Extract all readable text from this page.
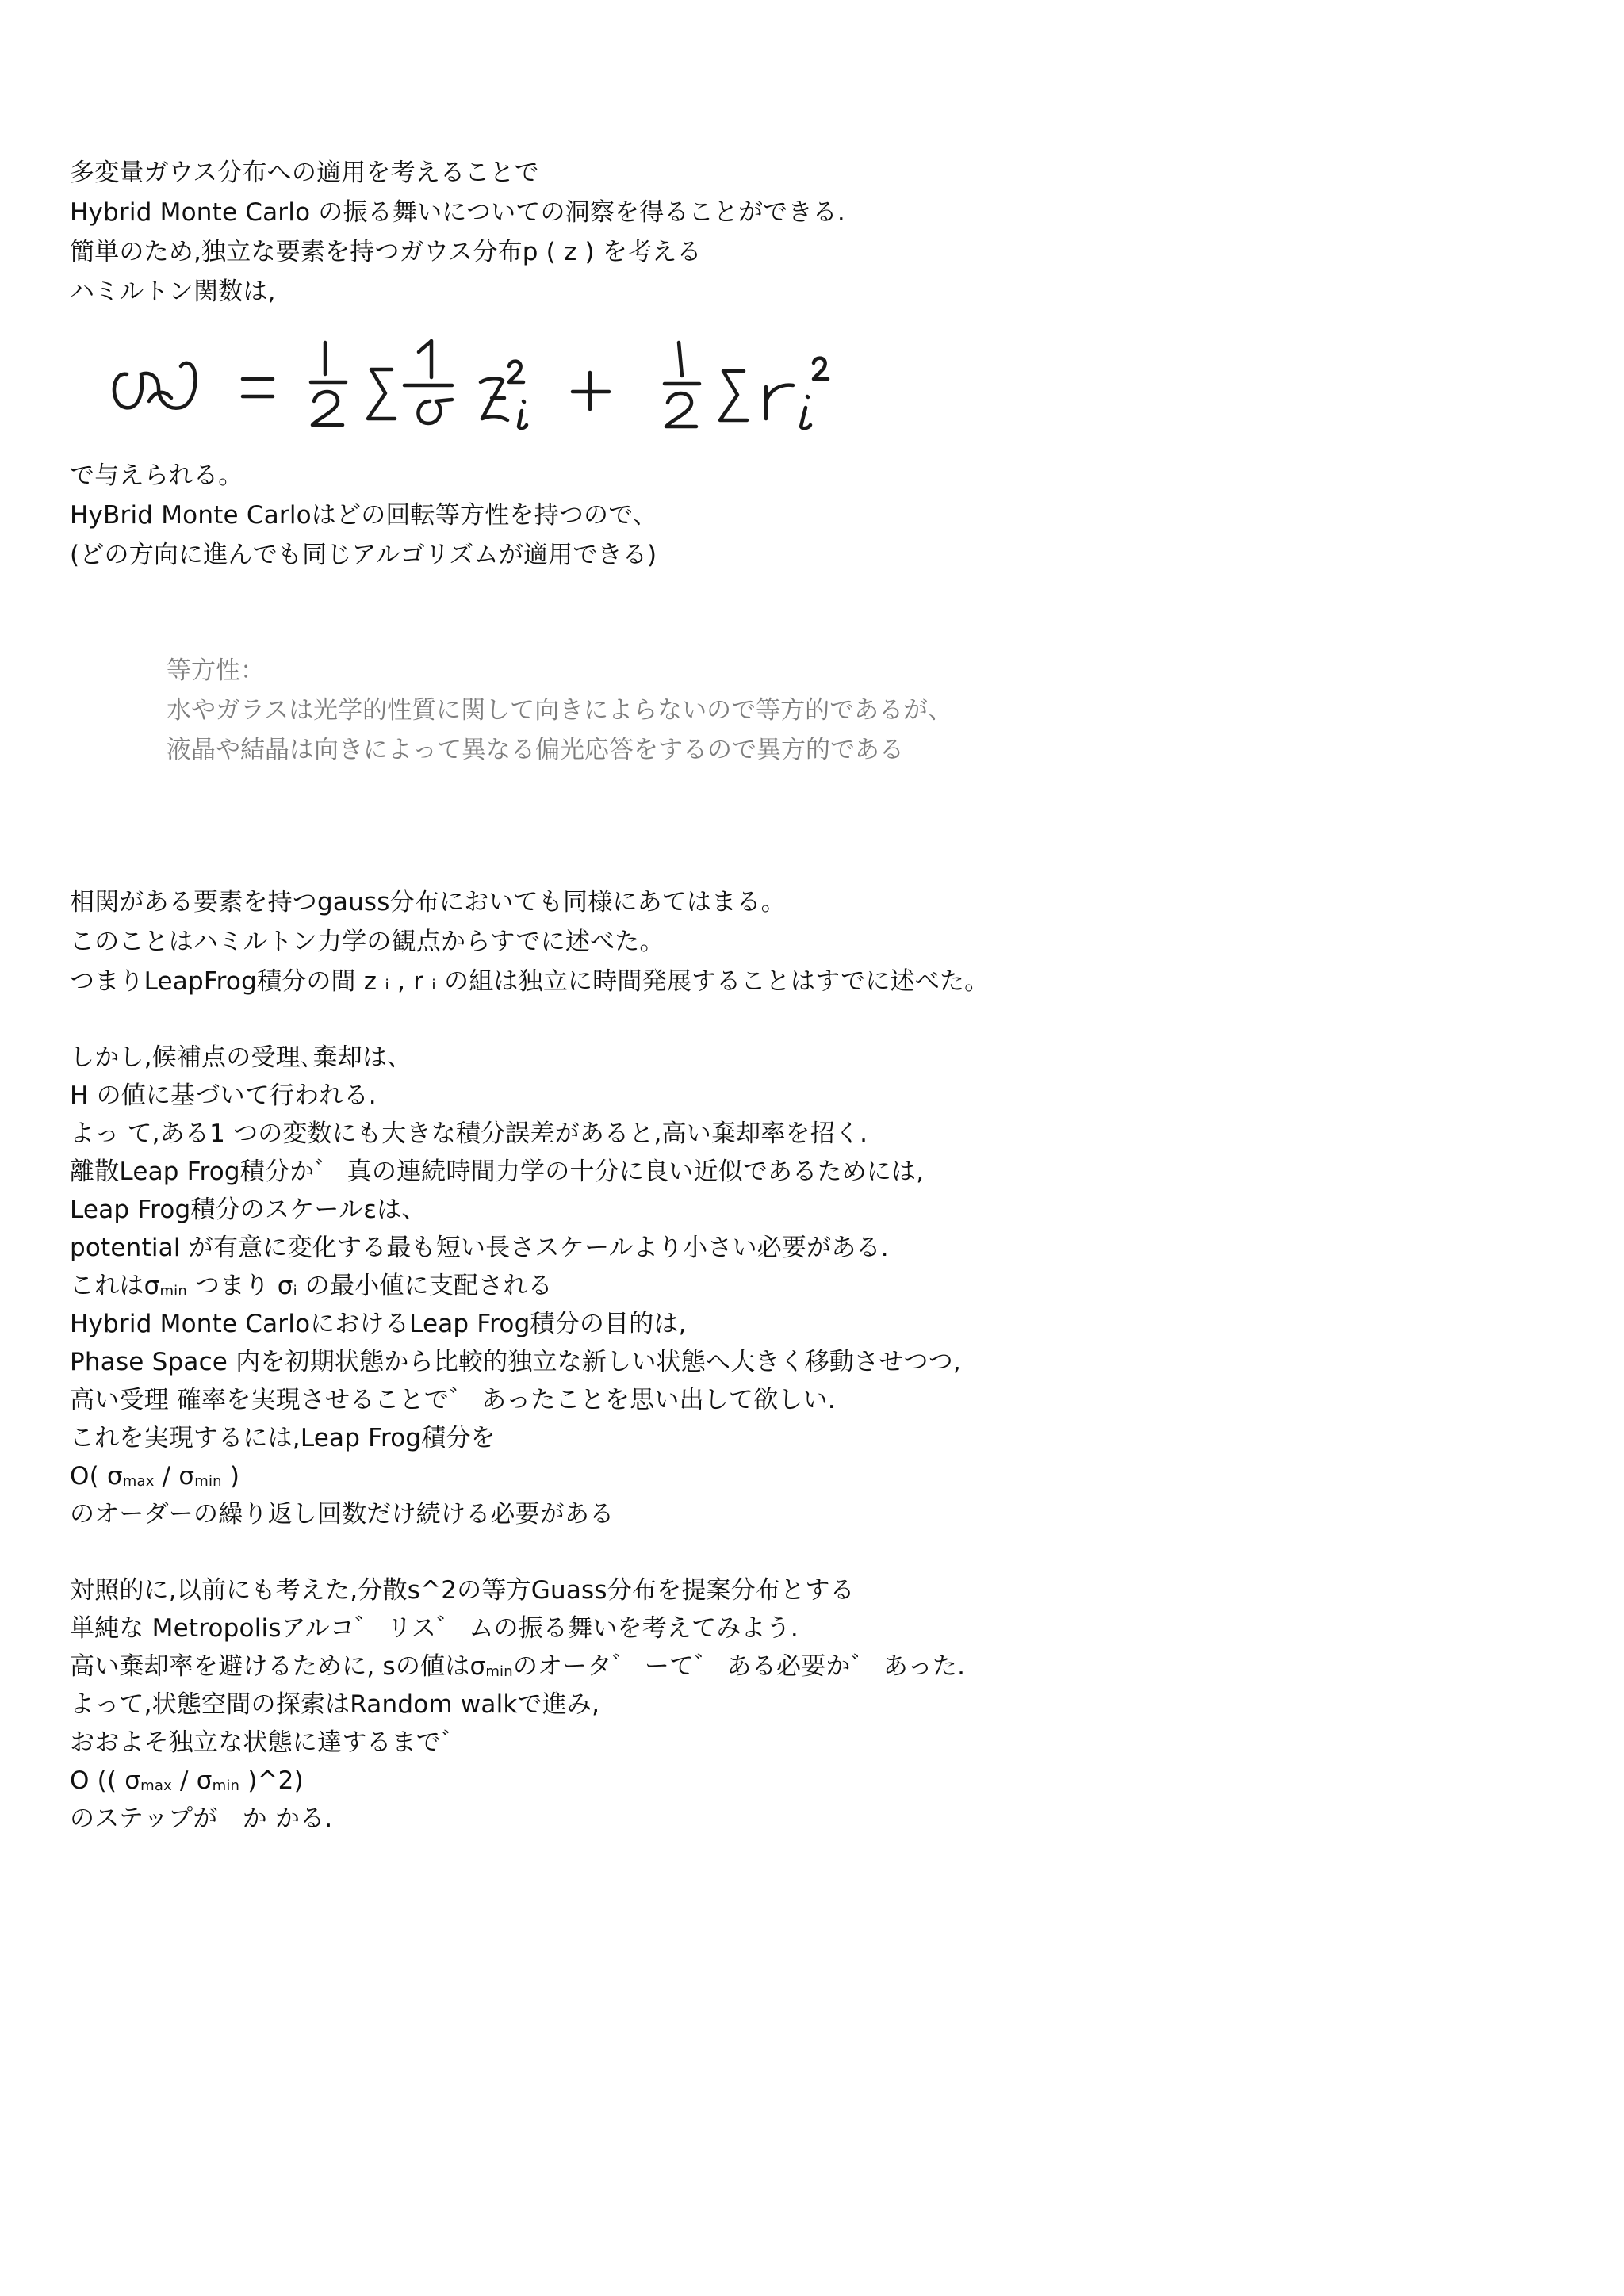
多変量ガウス分布への適用を考えることで
Hybrid Monte Carlo の振る舞いについての洞察を得ることができる.
簡単のため,独立な要素を持つガウス分布p ( z ) を考える
ハミルトン関数は,
で与えられる。
HyBrid Monte Carloはどの回転等方性を持つので、
(どの方向に進んでも同じアルゴリズムが適用できる)
等方性：
水やガラスは光学的性質に関して向きによらないので等方的であるが、
液晶や結晶は向きによって異なる偏光応答をするので異方的である
相関がある要素を持つgauss分布においても同様にあてはまる。
このことはハミルトン力学の観点からすでに述べた。
つまりLeapFrog積分の間 z ᵢ , r ᵢ の組は独立に時間発展することはすでに述べた。
しかし,候補点の受理､棄却は、
H の値に基づいて行われる.
よっ て,ある1 つの変数にも大きな積分誤差があると,高い棄却率を招く.
離散Leap Frog積分か゛ 真の連続時間力学の十分に良い近似であるためには,
Leap Frog積分のスケールεは、
potential が有意に変化する最も短い長さスケールより小さい必要がある.
これは$\sigma_{min}$ つまり $\sigma_i$ の最小値に支配される
Hybrid Monte CarloにおけるLeap Frog積分の目的は,
Phase Space 内を初期状態から比較的独立な新しい状態へ大きく移動させつつ,
高い受理 確率を実現させることで゛ あったことを思い出して欲しい.
これを実現するには,Leap Frog積分を
O( $\sigma_{max} / \sigma_{min}$ )
のオーダーの繰り返し回数だけ続ける必要がある
対照的に,以前にも考えた,分散s^2の等方Guass分布を提案分布とする
単純な Metropolisアルコ゛ リス゛ ムの振る舞いを考えてみよう.
高い棄却率を避けるために, sの値は$\sigma_{min}$のオータ゛ ーて゛ ある必要か゛ あった.
よって,状態空間の探索はRandom walkで進み,
おおよそ独立な状態に達するまで゛
O (( $\sigma_{max} / \sigma_{min}$ )^2)
のステップが　か かる.
